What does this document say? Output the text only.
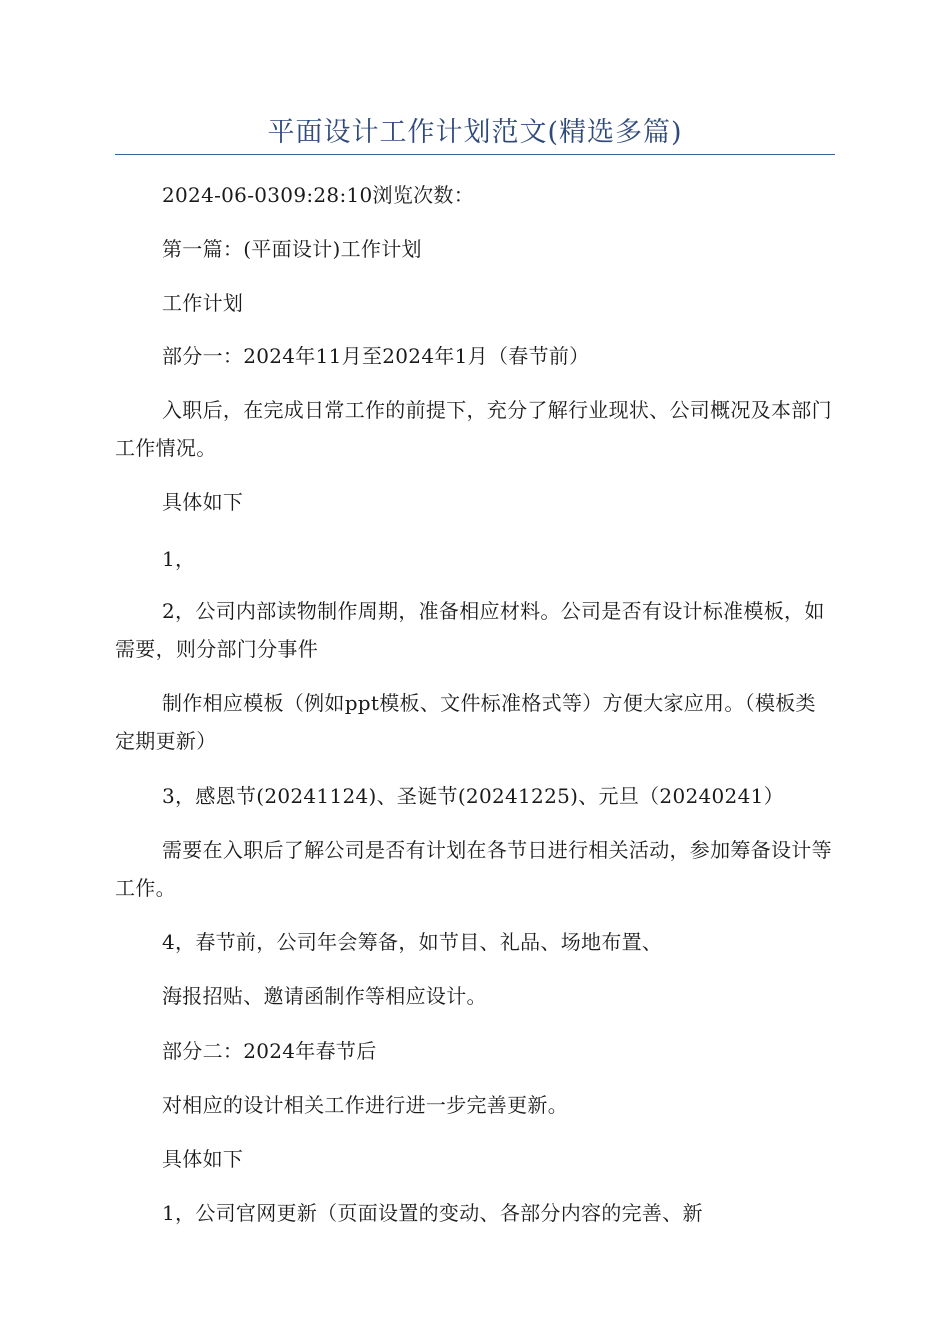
平面设计工作计划范文(精选多篇)
2024-06-0309:28:10浏览次数：
第一篇：(平面设计)工作计划
工作计划
部分一：2024年11月至2024年1月（春节前）
入职后，在完成日常工作的前提下，充分了解行业现状、公司概况及本部门工作情况。
具体如下
1，
2，公司内部读物制作周期，准备相应材料。公司是否有设计标准模板，如需要，则分部门分事件
制作相应模板（例如ppt模板、文件标准格式等）方便大家应用。（模板类定期更新）
3，感恩节(20241124)、圣诞节(20241225)、元旦（20240241）
需要在入职后了解公司是否有计划在各节日进行相关活动，参加筹备设计等工作。
4，春节前，公司年会筹备，如节目、礼品、场地布置、
海报招贴、邀请函制作等相应设计。
部分二：2024年春节后
对相应的设计相关工作进行进一步完善更新。
具体如下
1，公司官网更新（页面设置的变动、各部分内容的完善、新
